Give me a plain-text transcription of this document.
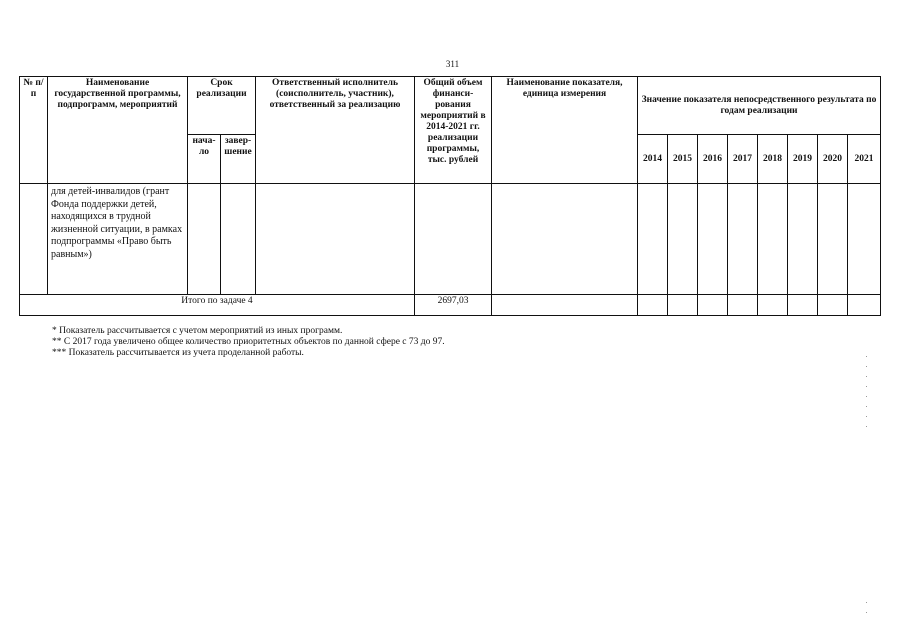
311
№ п/п	Наименование государственной программы, подпрограмм, мероприятий	Срок реализации		Ответственный исполнитель (соисполнитель, участник), ответственный за реализацию	Общий объем финанси-рования мероприятий в 2014-2021 гг. реализации программы, тыс. рублей	Наименование показателя, единица измерения	Значение показателя непосредственного результата по годам реализации							
		нача-ло	завер-шение				2014	2015	2016	2017	2018	2019	2020	2021
	для детей-инвалидов (грант Фонда поддержки детей, находящихся в трудной жизненной ситуации, в рамках подпрограммы «Право быть равным»)													
Итого по задаче 4					2697,03									
* Показатель рассчитывается с учетом мероприятий из иных программ.
** С 2017 года увеличено общее количество приоритетных объектов по данной сфере с 73 до 97.
*** Показатель рассчитывается из учета проделанной работы.
